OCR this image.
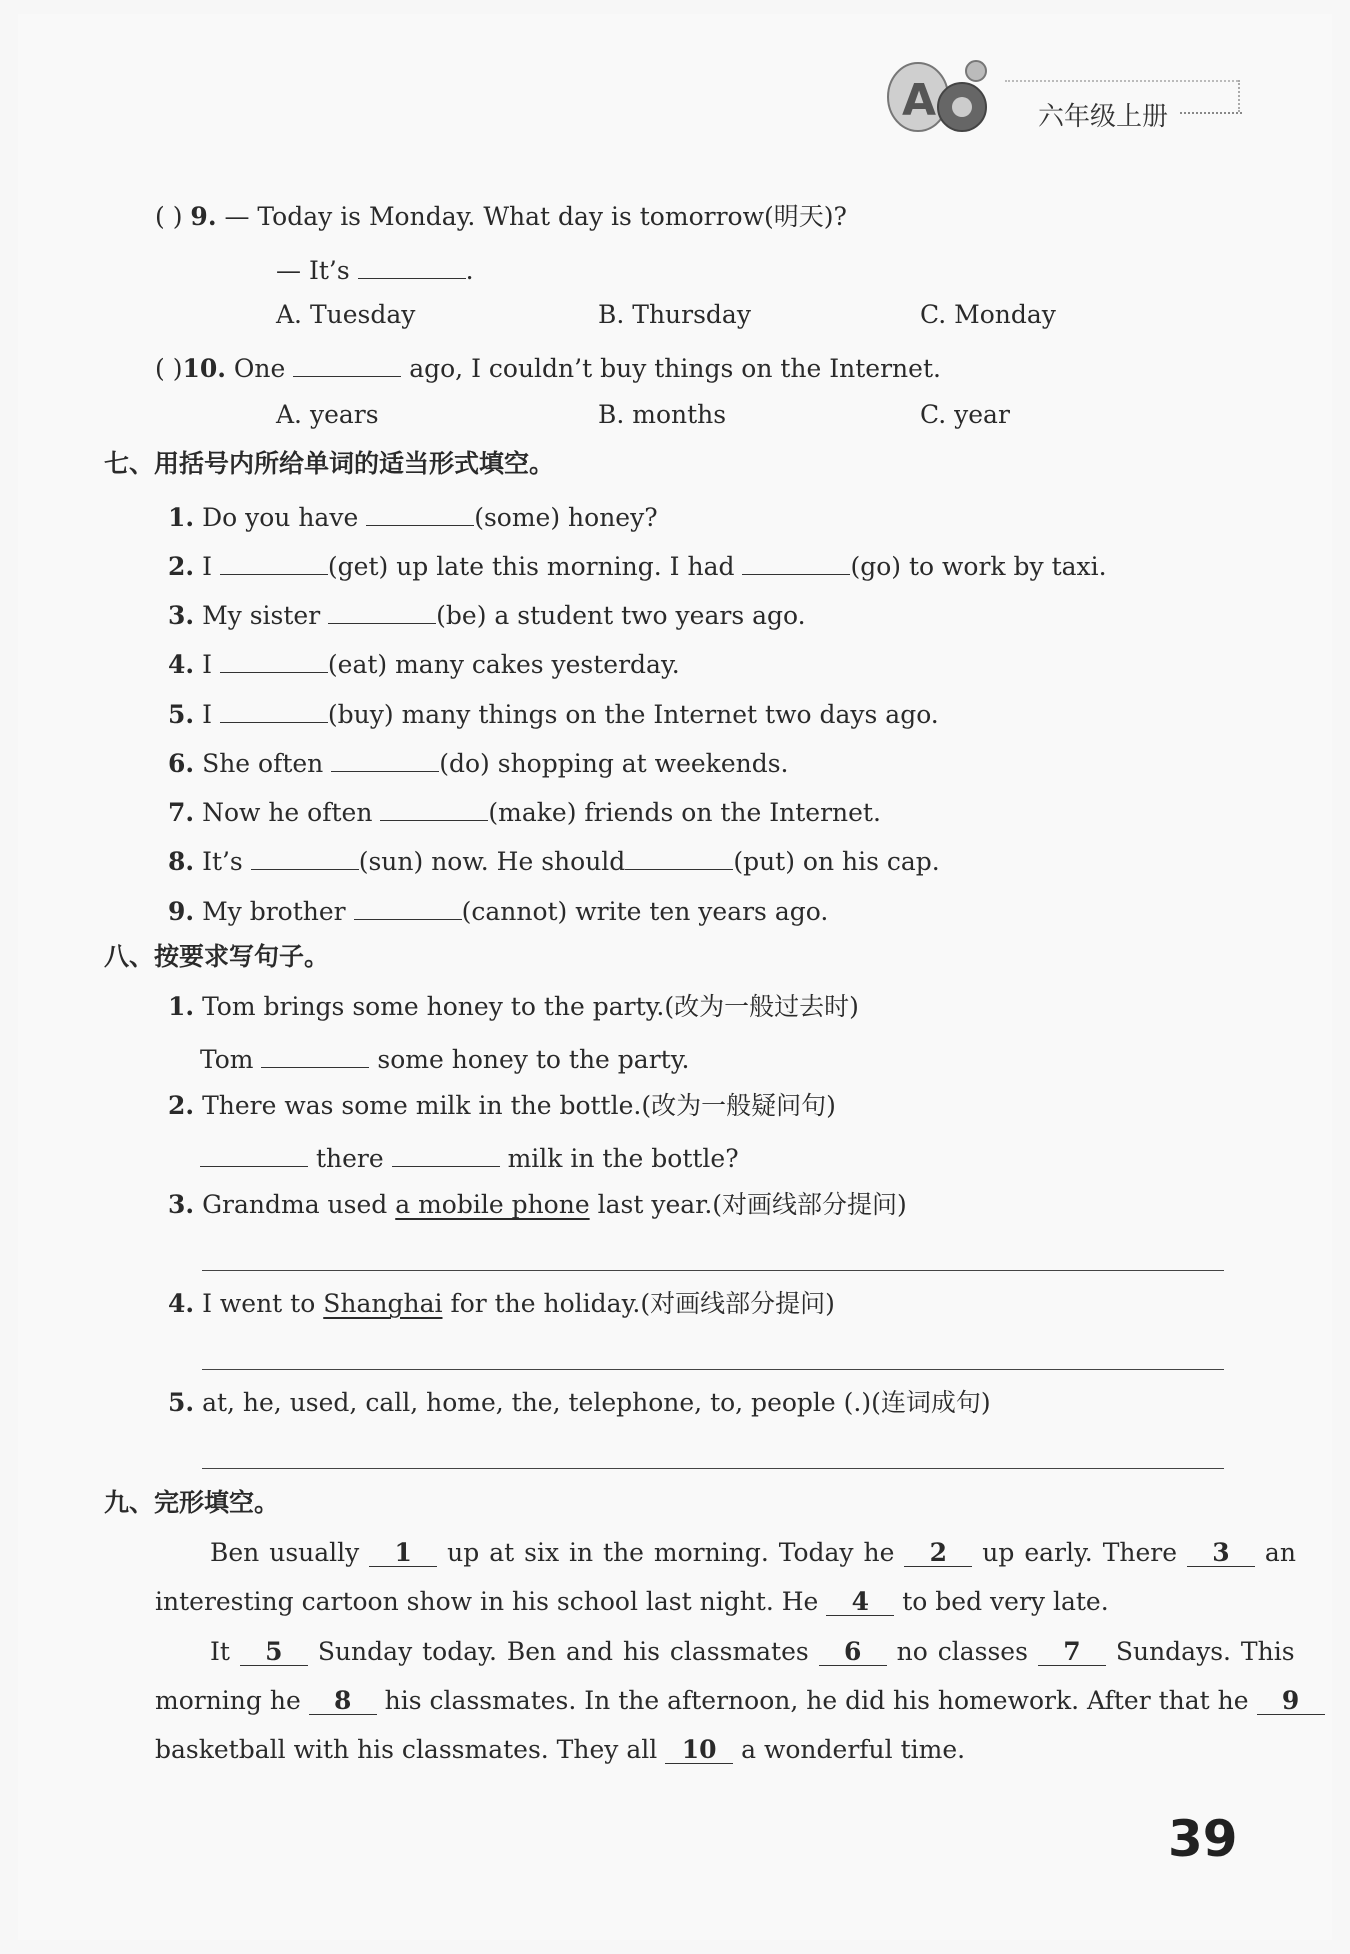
A	六年级上册
( ) 9. — Today is Monday. What day is tomorrow(明天)?
— It’s	.
A. Tuesday	B. Thursday	C. Monday
( )10. One	ago, I couldn’t buy things on the Internet.
A. years	B. months	C. year
七、用括号内所给单词的适当形式填空。
1. Do you have	(some) honey?
2. I	(get) up late this morning. I had	(go) to work by taxi.
3. My sister	(be) a student two years ago.
4. I	(eat) many cakes yesterday.
5. I	(buy) many things on the Internet two days ago.
6. She often	(do) shopping at weekends.
7. Now he often	(make) friends on the Internet.
8. It’s	(sun) now. He should	(put) on his cap.
9. My brother	(cannot) write ten years ago.
八、按要求写句子。
1. Tom brings some honey to the party.(改为一般过去时)
Tom	some honey to the party.
2. There was some milk in the bottle.(改为一般疑问句)
there	milk in the bottle?
3. Grandma used a mobile phone last year.(对画线部分提问)
4. I went to Shanghai for the holiday.(对画线部分提问)
5. at, he, used, call, home, the, telephone, to, people (.)(连词成句)
九、完形填空。
Ben usually 1 up at six in the morning. Today he 2 up early. There 3 an
interesting cartoon show in his school last night. He 4 to bed very late.
It 5 Sunday today. Ben and his classmates 6 no classes 7 Sundays. This
morning he 8 his classmates. In the afternoon, he did his homework. After that he 9
basketball with his classmates. They all 10 a wonderful time.
39
